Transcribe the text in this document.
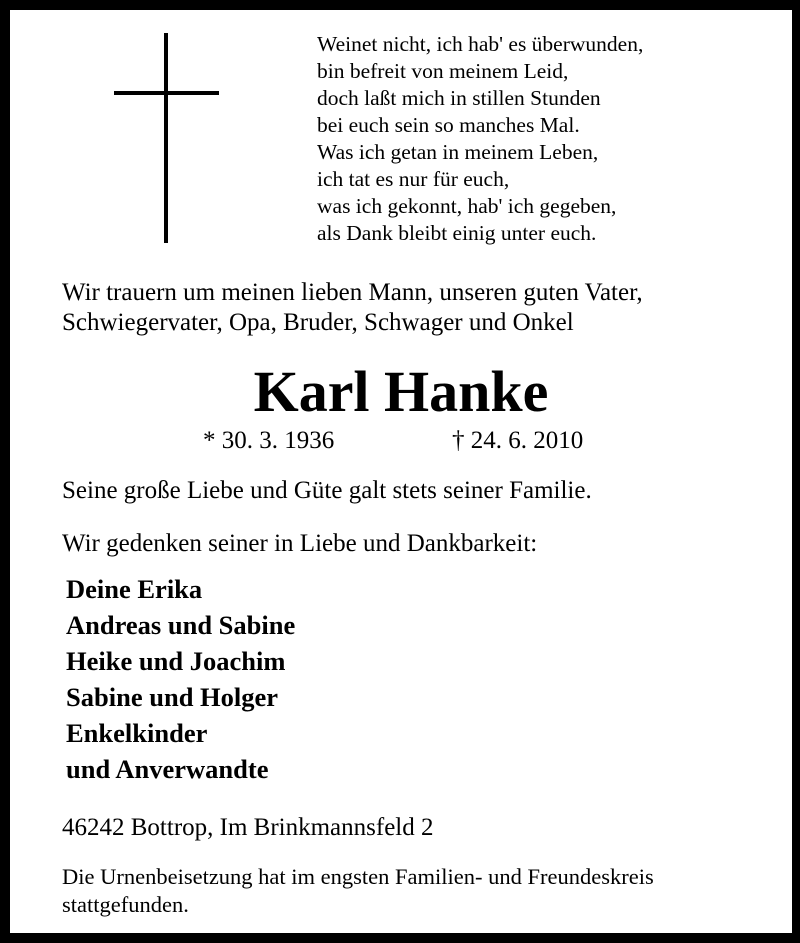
Weinet nicht, ich hab' es überwunden,
bin befreit von meinem Leid,
doch laßt mich in stillen Stunden
bei euch sein so manches Mal.
Was ich getan in meinem Leben,
ich tat es nur für euch,
was ich gekonnt, hab' ich gegeben,
als Dank bleibt einig unter euch.
Wir trauern um meinen lieben Mann, unseren guten Vater,
Schwiegervater, Opa, Bruder, Schwager und Onkel
Karl Hanke
* 30. 3. 1936	† 24. 6. 2010
Seine große Liebe und Güte galt stets seiner Familie.
Wir gedenken seiner in Liebe und Dankbarkeit:
Deine Erika
Andreas und Sabine
Heike und Joachim
Sabine und Holger
Enkelkinder
und Anverwandte
46242 Bottrop, Im Brinkmannsfeld 2
Die Urnenbeisetzung hat im engsten Familien- und Freundeskreis
stattgefunden.
